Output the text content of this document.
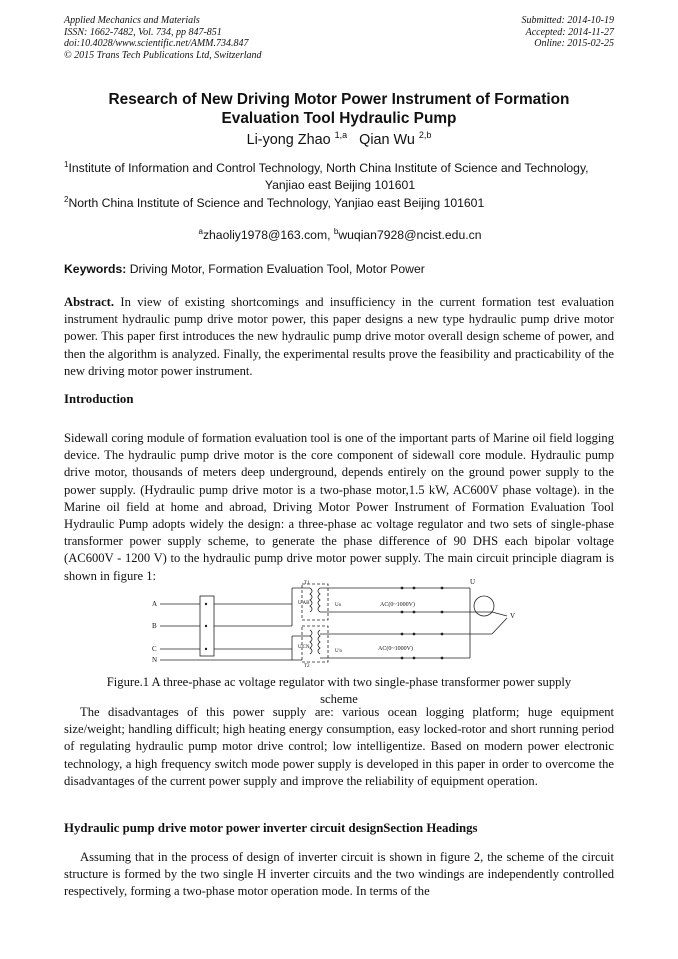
Applied Mechanics and Materials
ISSN: 1662-7482, Vol. 734, pp 847-851
doi:10.4028/www.scientific.net/AMM.734.847
© 2015 Trans Tech Publications Ltd, Switzerland
Submitted: 2014-10-19
Accepted: 2014-11-27
Online: 2015-02-25
Research of New Driving Motor Power Instrument of Formation
Evaluation Tool Hydraulic Pump
Li-yong Zhao $^{1,a}$ Qian Wu $^{2,b}$
$^1$Institute of Information and Control Technology, North China Institute of Science and Technology,
Yanjiao east Beijing 101601
$^2$North China Institute of Science and Technology, Yanjiao east Beijing 101601
$^a$zhaoliy1978@163.com, $^b$wuqian7928@ncist.edu.cn
Keywords: Driving Motor, Formation Evaluation Tool, Motor Power
Abstract. In view of existing shortcomings and insufficiency in the current formation test evaluation instrument hydraulic pump drive motor power, this paper designs a new type hydraulic pump drive motor power. This paper first introduces the new hydraulic pump drive motor overall design scheme of power, and then the algorithm is analyzed. Finally, the experimental results prove the feasibility and practicability of the new driving motor power instrument.
Introduction
Sidewall coring module of formation evaluation tool is one of the important parts of Marine oil field logging device. The hydraulic pump drive motor is the core component of sidewall core module. Hydraulic pump drive motor, thousands of meters deep underground, depends entirely on the ground power supply to the power supply. (Hydraulic pump drive motor is a two-phase motor,1.5 kW, AC600V phase voltage). in the Marine oil field at home and abroad, Driving Motor Power Instrument of Formation Evaluation Tool Hydraulic Pump adopts widely the design: a three-phase ac voltage regulator and two sets of single-phase transformer power supply scheme, to generate the phase difference of 90 DHS each bipolar voltage (AC600V - 1200 V) to the hydraulic pump drive motor power supply. The main circuit principle diagram is shown in figure 1:
A
B
C
N
U
V
T1
T2
U'AB
U'CN
Uo
U'o
AC(0~1000V)
AC(0~1000V)
Figure.1 A three-phase ac voltage regulator with two single-phase transformer power supply
scheme
The disadvantages of this power supply are: various ocean logging platform; huge equipment size/weight; handling difficult; high heating energy consumption, easy locked-rotor and short running period of regulating hydraulic pump motor drive control; low intelligentize. Based on modern power electronic technology, a high frequency switch mode power supply is developed in this paper in order to overcome the disadvantages of the current power supply and improve the reliability of equipment operation.
Hydraulic pump drive motor power inverter circuit designSection Headings
Assuming that in the process of design of inverter circuit is shown in figure 2, the scheme of the circuit structure is formed by the two single H inverter circuits and the two windings are independently controlled respectively, forming a two-phase motor operation mode. In terms of the
